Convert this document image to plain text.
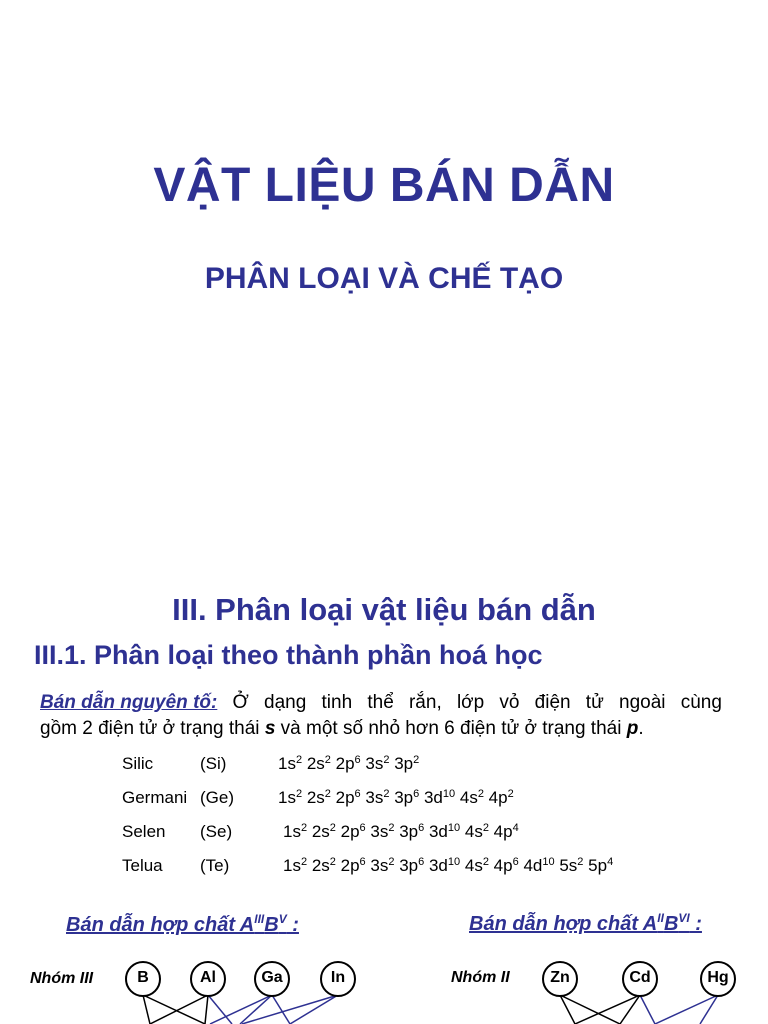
VẬT LIỆU BÁN DẪN
PHÂN LOẠI VÀ CHẾ TẠO
III. Phân loại vật liệu bán dẫn
III.1. Phân loại theo thành phần hoá học
Bán dẫn nguyên tố: Ở dạng tinh thể rắn, lớp vỏ điện tử ngoài cùng
gồm 2 điện tử ở trạng thái s và một số nhỏ hơn 6 điện tử ở trạng thái p.
Silic	(Si)	$1s^2$ $2s^2$ $2p^6$ $3s^2$ $3p^2$
Germani (Ge)	$1s^2$ $2s^2$ $2p^6$ $3s^2$ $3p^6$ $3d^{10}$ $4s^2$ $4p^2$
Selen (Se)	$1s^2$ $2s^2$ $2p^6$ $3s^2$ $3p^6$ $3d^{10}$ $4s^2$ $4p^4$
Telua (Te)	$1s^2$ $2s^2$ $2p^6$ $3s^2$ $3p^6$ $3d^{10}$ $4s^2$ $4p^6$ $4d^{10}$ $5s^2$ $5p^4$
Bán dẫn hợp chất $A^{III}B^V$ :	Bán dẫn hợp chất $A^{II}B^{VI}$ :
Nhóm III	Nhóm II
B	Al	Ga	In	Zn	Cd	Hg
